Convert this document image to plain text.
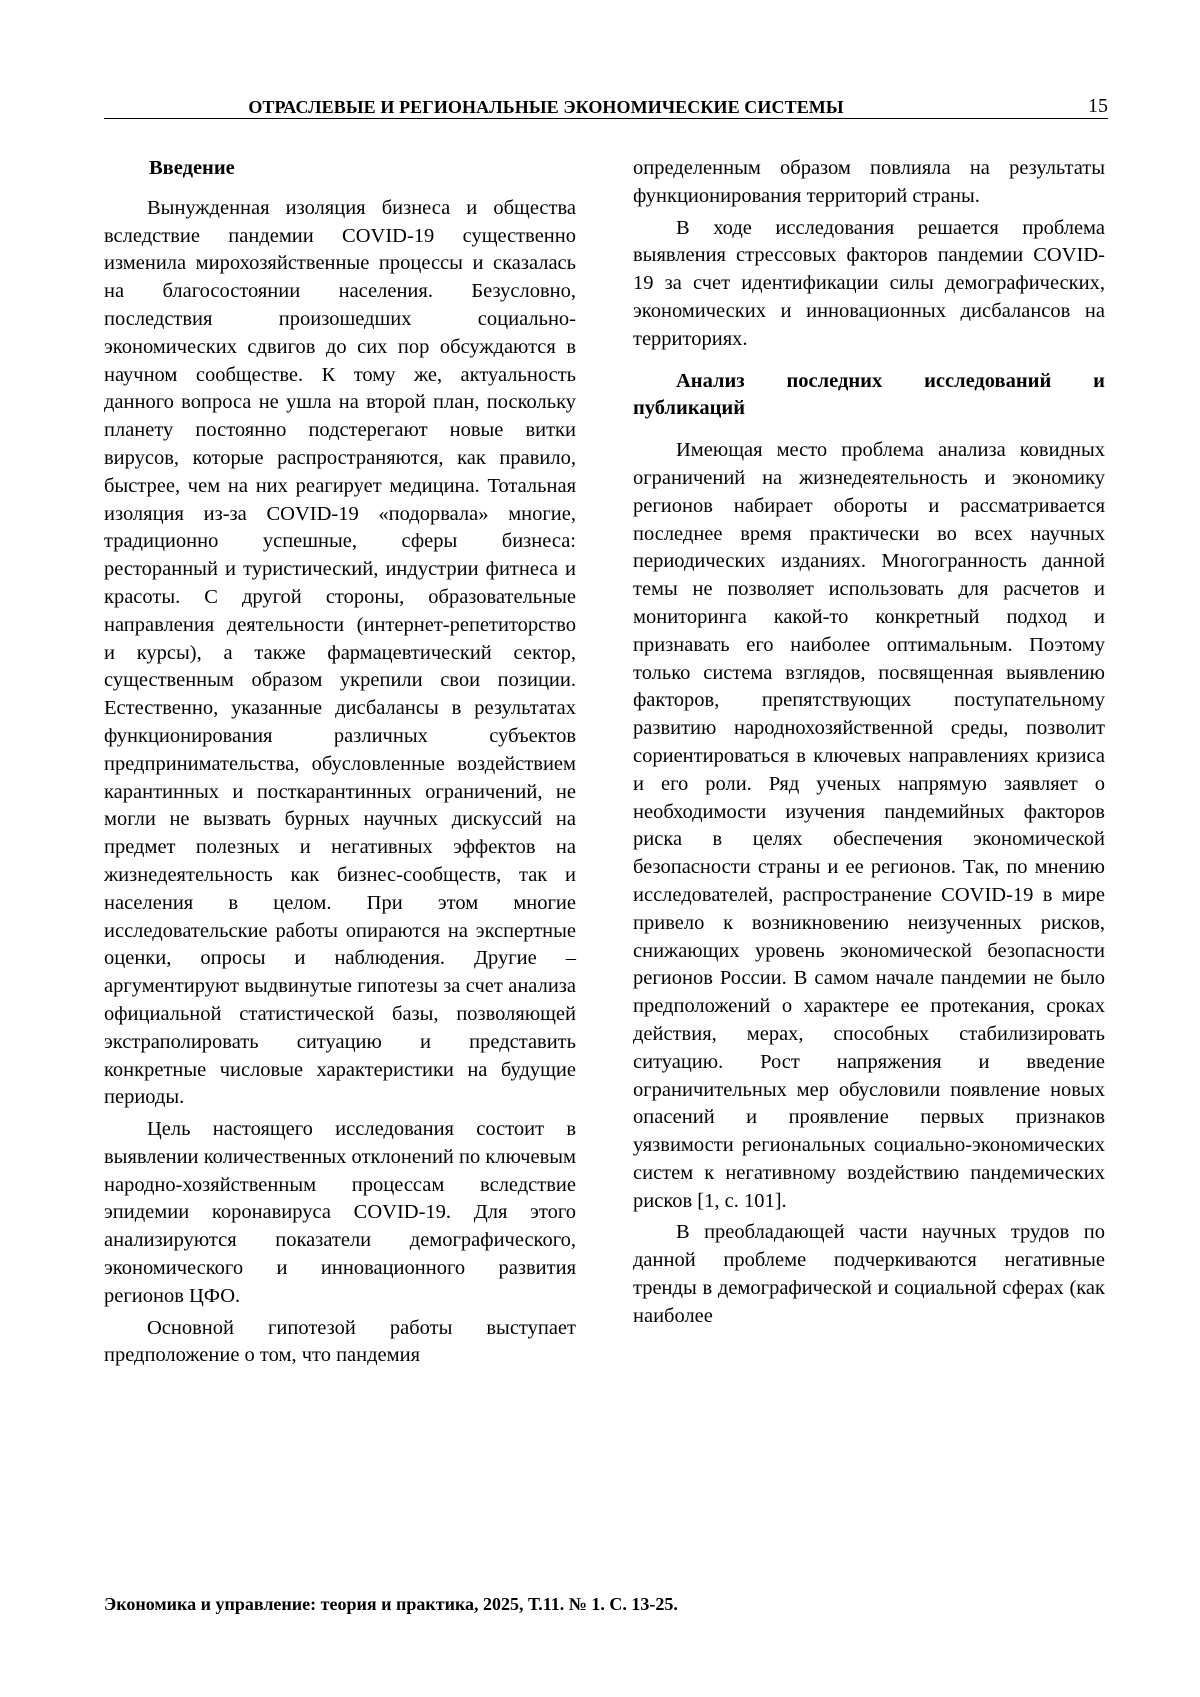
ОТРАСЛЕВЫЕ И РЕГИОНАЛЬНЫЕ ЭКОНОМИЧЕСКИЕ СИСТЕМЫ	15
Введение

Вынужденная изоляция бизнеса и общества вследствие пандемии COVID-19 существенно изменила мирохозяйственные процессы и сказалась на благосостоянии населения. Безусловно, последствия произошедших социально-экономических сдвигов до сих пор обсуждаются в научном сообществе. К тому же, актуальность данного вопроса не ушла на второй план, поскольку планету постоянно подстерегают новые витки вирусов, которые распространяются, как правило, быстрее, чем на них реагирует медицина. Тотальная изоляция из-за COVID-19 «подорвала» многие, традиционно успешные, сферы бизнеса: ресторанный и туристический, индустрии фитнеса и красоты. С другой стороны, образовательные направления деятельности (интернет-репетиторство и курсы), а также фармацевтический сектор, существенным образом укрепили свои позиции. Естественно, указанные дисбалансы в результатах функционирования различных субъектов предпринимательства, обусловленные воздействием карантинных и посткарантинных ограничений, не могли не вызвать бурных научных дискуссий на предмет полезных и негативных эффектов на жизнедеятельность как бизнес-сообществ, так и населения в целом. При этом многие исследовательские работы опираются на экспертные оценки, опросы и наблюдения. Другие – аргументируют выдвинутые гипотезы за счет анализа официальной статистической базы, позволяющей экстраполировать ситуацию и представить конкретные числовые характеристики на будущие периоды.

Цель настоящего исследования состоит в выявлении количественных отклонений по ключевым народно-хозяйственным процессам вследствие эпидемии коронавируса COVID-19. Для этого анализируются показатели демографического, экономического и инновационного развития регионов ЦФО.

Основной гипотезой работы выступает предположение о том, что пандемия

определенным образом повлияла на результаты функционирования территорий страны.

В ходе исследования решается проблема выявления стрессовых факторов пандемии COVID-19 за счет идентификации силы демографических, экономических и инновационных дисбалансов на территориях.

Анализ последних исследований и публикаций

Имеющая место проблема анализа ковидных ограничений на жизнедеятельность и экономику регионов набирает обороты и рассматривается последнее время практически во всех научных периодических изданиях. Многогранность данной темы не позволяет использовать для расчетов и мониторинга какой-то конкретный подход и признавать его наиболее оптимальным. Поэтому только система взглядов, посвященная выявлению факторов, препятствующих поступательному развитию народнохозяйственной среды, позволит сориентироваться в ключевых направлениях кризиса и его роли. Ряд ученых напрямую заявляет о необходимости изучения пандемийных факторов риска в целях обеспечения экономической безопасности страны и ее регионов. Так, по мнению исследователей, распространение COVID-19 в мире привело к возникновению неизученных рисков, снижающих уровень экономической безопасности регионов России. В самом начале пандемии не было предположений о характере ее протекания, сроках действия, мерах, способных стабилизировать ситуацию. Рост напряжения и введение ограничительных мер обусловили появление новых опасений и проявление первых признаков уязвимости региональных социально-экономических систем к негативному воздействию пандемических рисков [1, с. 101].

В преобладающей части научных трудов по данной проблеме подчеркиваются негативные тренды в демографической и социальной сферах (как наиболее

Экономика и управление: теория и практика, 2025, Т.11. № 1. С. 13-25.
